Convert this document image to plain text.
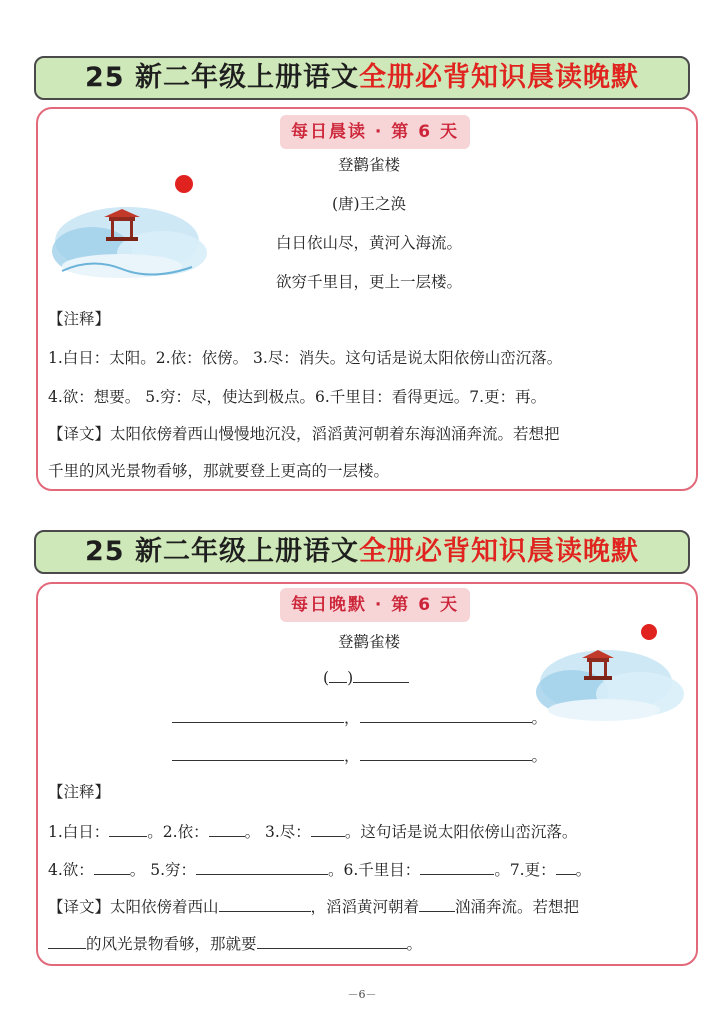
25 新二年级上册语文全册必背知识晨读晚默
每日晨读 · 第 6 天
登鹳雀楼
(唐)王之涣
白日依山尽，黄河入海流。
欲穷千里目，更上一层楼。
【注释】
1.白日：太阳。2.依：依傍。 3.尽：消失。这句话是说太阳依傍山峦沉落。
4.欲：想要。 5.穷：尽，使达到极点。6.千里目：看得更远。7.更：再。
【译文】太阳依傍着西山慢慢地沉没，滔滔黄河朝着东海汹涌奔流。若想把
千里的风光景物看够，那就要登上更高的一层楼。
25 新二年级上册语文全册必背知识晨读晚默
每日晚默 · 第 6 天
登鹳雀楼
( )
，	。
，	。
【注释】
1.白日： 。2.依： 。 3.尽： 。这句话是说太阳依傍山峦沉落。
4.欲： 。 5.穷：	。6.千里目：	。7.更： 。
【译文】太阳依傍着西山	，滔滔黄河朝着 汹涌奔流。若想把
的风光景物看够，那就要	。
－6－
